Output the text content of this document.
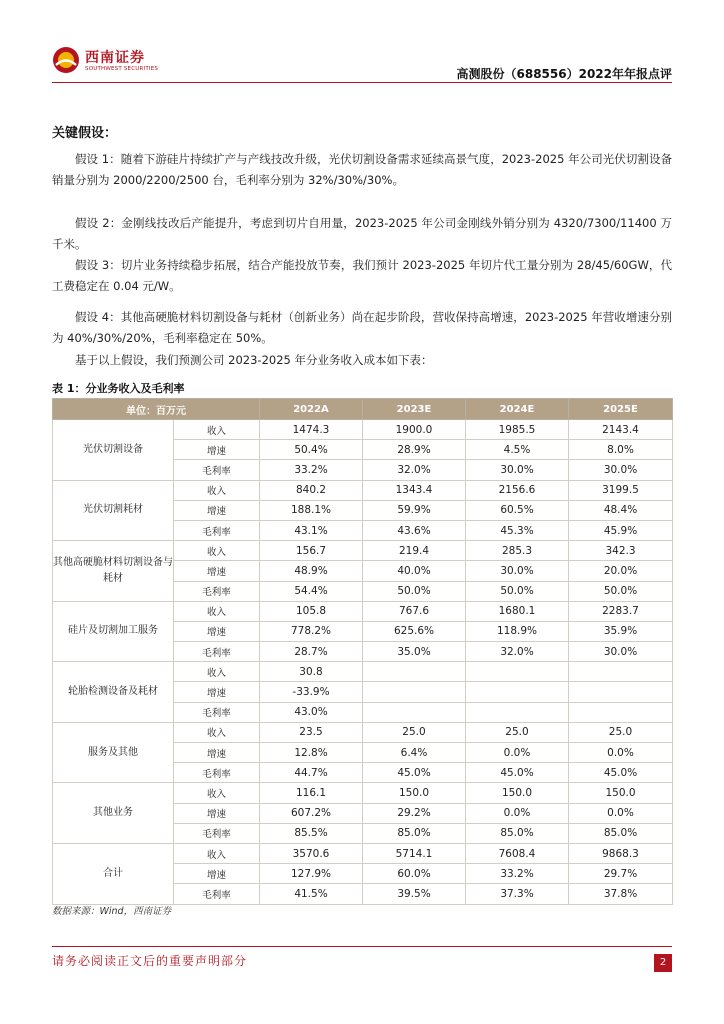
西南证券
SOUTHWEST SECURITIES	高测股份（688556）2022年年报点评
关键假设：
假设 1：随着下游硅片持续扩产与产线技改升级，光伏切割设备需求延续高景气度，2023-2025 年公司光伏切割设备销量分别为 2000/2200/2500 台，毛利率分别为 32%/30%/30%。
假设 2：金刚线技改后产能提升，考虑到切片自用量，2023-2025 年公司金刚线外销分别为 4320/7300/11400 万千米。
假设 3：切片业务持续稳步拓展，结合产能投放节奏，我们预计 2023-2025 年切片代工量分别为 28/45/60GW，代工费稳定在 0.04 元/W。
假设 4：其他高硬脆材料切割设备与耗材（创新业务）尚在起步阶段，营收保持高增速，2023-2025 年营收增速分别为 40%/30%/20%，毛利率稳定在 50%。
基于以上假设，我们预测公司 2023-2025 年分业务收入成本如下表：
表 1：分业务收入及毛利率
单位：百万元		2022A	2023E	2024E	2025E
光伏切割设备	收入	1474.3	1900.0	1985.5	2143.4
	增速	50.4%	28.9%	4.5%	8.0%
	毛利率	33.2%	32.0%	30.0%	30.0%
光伏切割耗材	收入	840.2	1343.4	2156.6	3199.5
	增速	188.1%	59.9%	60.5%	48.4%
	毛利率	43.1%	43.6%	45.3%	45.9%
其他高硬脆材料切割设备与耗材	收入	156.7	219.4	285.3	342.3
	增速	48.9%	40.0%	30.0%	20.0%
	毛利率	54.4%	50.0%	50.0%	50.0%
硅片及切割加工服务	收入	105.8	767.6	1680.1	2283.7
	增速	778.2%	625.6%	118.9%	35.9%
	毛利率	28.7%	35.0%	32.0%	30.0%
轮胎检测设备及耗材	收入	30.8			
	增速	-33.9%			
	毛利率	43.0%			
服务及其他	收入	23.5	25.0	25.0	25.0
	增速	12.8%	6.4%	0.0%	0.0%
	毛利率	44.7%	45.0%	45.0%	45.0%
其他业务	收入	116.1	150.0	150.0	150.0
	增速	607.2%	29.2%	0.0%	0.0%
	毛利率	85.5%	85.0%	85.0%	85.0%
合计	收入	3570.6	5714.1	7608.4	9868.3
	增速	127.9%	60.0%	33.2%	29.7%
	毛利率	41.5%	39.5%	37.3%	37.8%
数据来源：Wind，西南证券
请务必阅读正文后的重要声明部分	2
